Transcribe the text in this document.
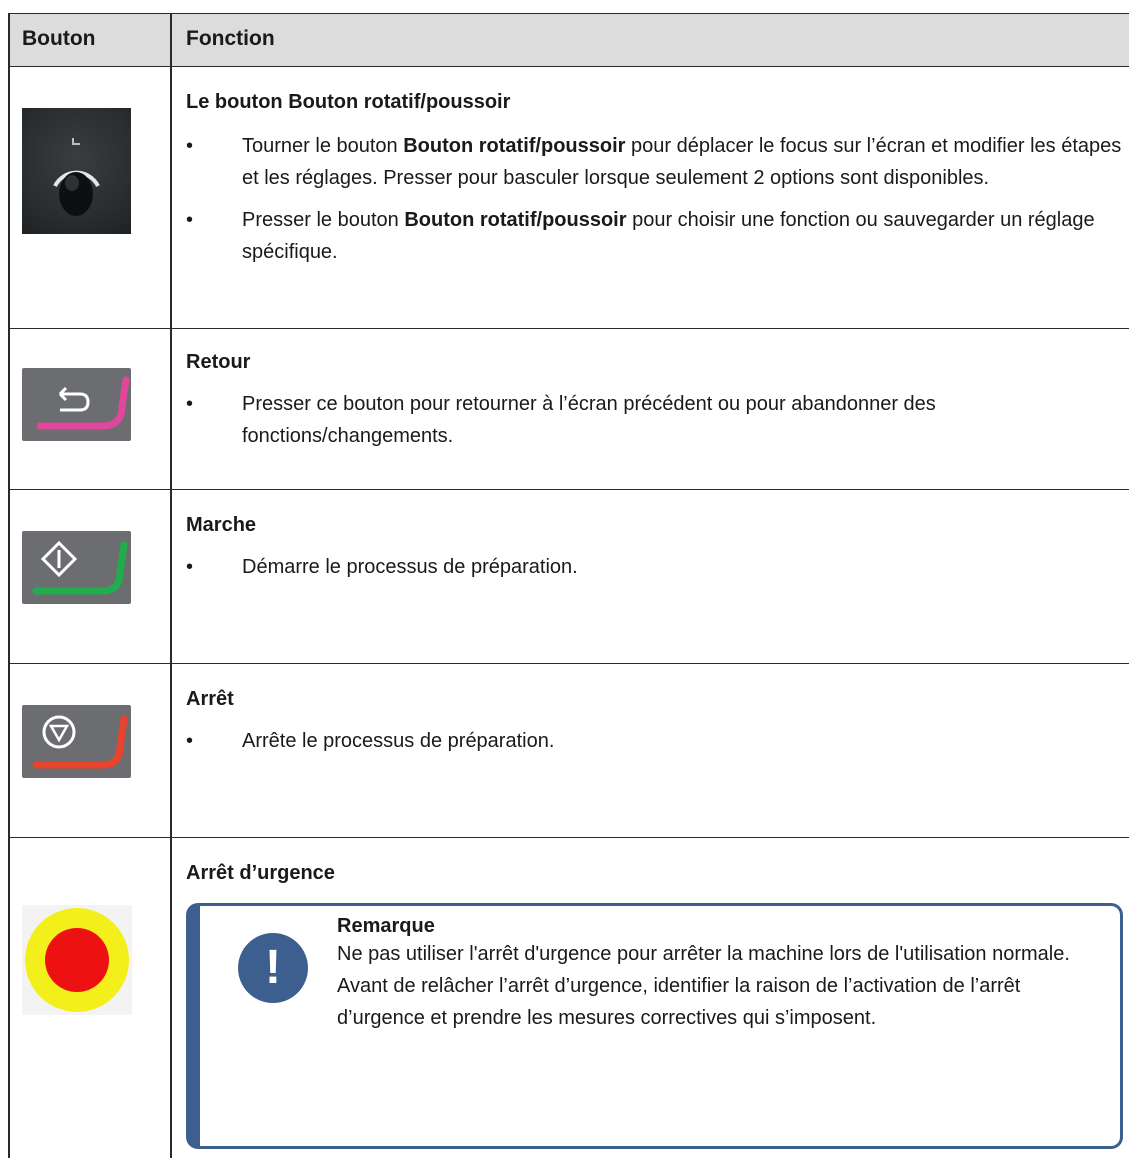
Bouton	Fonction
Le bouton Bouton rotatif/poussoir
• Tourner le bouton Bouton rotatif/poussoir pour déplacer le focus sur l’écran et modifier les étapes et les réglages. Presser pour basculer lorsque seulement 2 options sont disponibles.
• Presser le bouton Bouton rotatif/poussoir pour choisir une fonction ou sauvegarder un réglage spécifique.
Retour
• Presser ce bouton pour retourner à l’écran précédent ou pour abandonner des fonctions/changements.
Marche
• Démarre le processus de préparation.
Arrêt
• Arrête le processus de préparation.
Arrêt d’urgence
!
Remarque
Ne pas utiliser l'arrêt d'urgence pour arrêter la machine lors de l'utilisation normale.
Avant de relâcher l’arrêt d’urgence, identifier la raison de l’activation de l’arrêt d’urgence et prendre les mesures correctives qui s’imposent.
